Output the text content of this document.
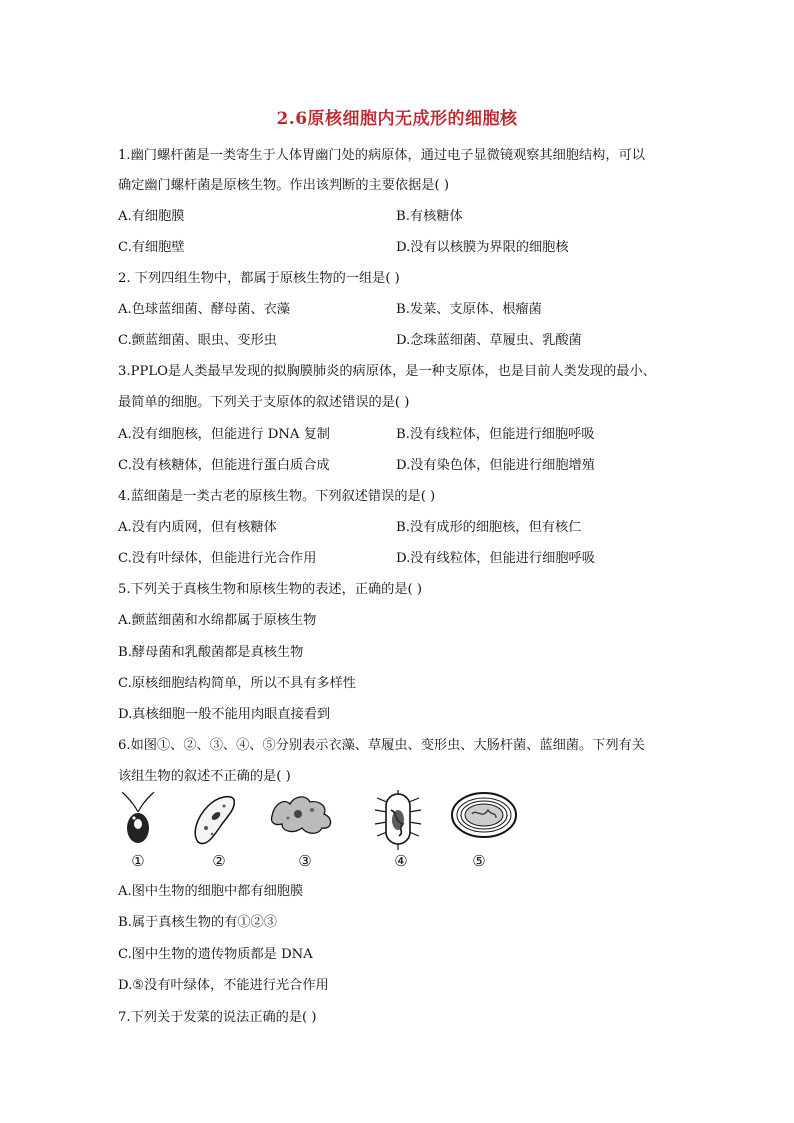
2.6原核细胞内无成形的细胞核
1.幽门螺杆菌是一类寄生于人体胃幽门处的病原体，通过电子显微镜观察其细胞结构，可以
确定幽门螺杆菌是原核生物。作出该判断的主要依据是( )
A.有细胞膜	B.有核糖体
C.有细胞壁	D.没有以核膜为界限的细胞核
2. 下列四组生物中，都属于原核生物的一组是( )
A.色球蓝细菌、酵母菌、衣藻	B.发菜、支原体、根瘤菌
C.颤蓝细菌、眼虫、变形虫	D.念珠蓝细菌、草履虫、乳酸菌
3.PPLO是人类最早发现的拟胸膜肺炎的病原体，是一种支原体，也是目前人类发现的最小、
最简单的细胞。下列关于支原体的叙述错误的是( )
A.没有细胞核，但能进行 DNA 复制	B.没有线粒体，但能进行细胞呼吸
C.没有核糖体，但能进行蛋白质合成	D.没有染色体，但能进行细胞增殖
4.蓝细菌是一类古老的原核生物。下列叙述错误的是( )
A.没有内质网，但有核糖体	B.没有成形的细胞核，但有核仁
C.没有叶绿体，但能进行光合作用	D.没有线粒体，但能进行细胞呼吸
5.下列关于真核生物和原核生物的表述，正确的是( )
A.颤蓝细菌和水绵都属于原核生物
B.酵母菌和乳酸菌都是真核生物
C.原核细胞结构简单，所以不具有多样性
D.真核细胞一般不能用肉眼直接看到
6.如图①、②、③、④、⑤分别表示衣藻、草履虫、变形虫、大肠杆菌、蓝细菌。下列有关
该组生物的叙述不正确的是( )
①	②	③	④	⑤
A.图中生物的细胞中都有细胞膜
B.属于真核生物的有①②③
C.图中生物的遗传物质都是 DNA
D.⑤没有叶绿体，不能进行光合作用
7.下列关于发菜的说法正确的是( )
